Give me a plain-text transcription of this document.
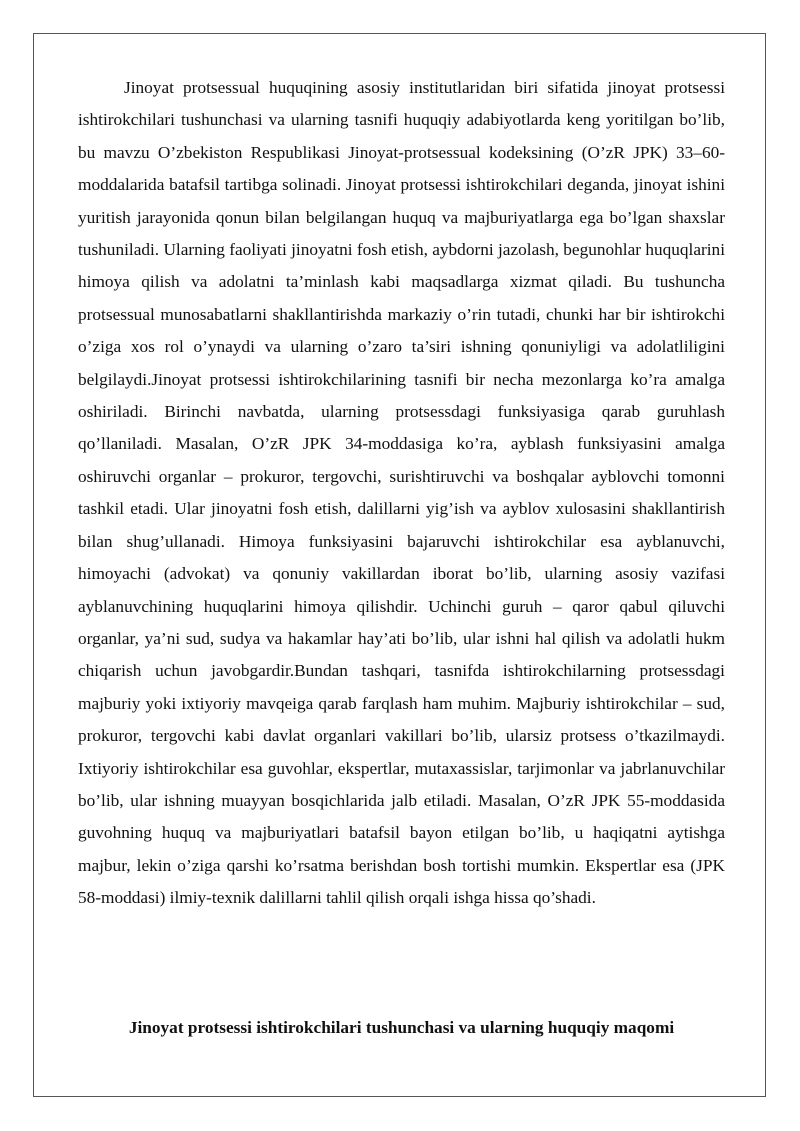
Jinoyat protsessual huquqining asosiy institutlaridan biri sifatida jinoyat protsessi ishtirokchilari tushunchasi va ularning tasnifi huquqiy adabiyotlarda keng yoritilgan bo’lib, bu mavzu O’zbekiston Respublikasi Jinoyat-protsessual kodeksining (O’zR JPK) 33–60-moddalarida batafsil tartibga solinadi. Jinoyat protsessi ishtirokchilari deganda, jinoyat ishini yuritish jarayonida qonun bilan belgilangan huquq va majburiyatlarga ega bo’lgan shaxslar tushuniladi. Ularning faoliyati jinoyatni fosh etish, aybdorni jazolash, begunohlar huquqlarini himoya qilish va adolatni ta’minlash kabi maqsadlarga xizmat qiladi. Bu tushuncha protsessual munosabatlarni shakllantirishda markaziy o’rin tutadi, chunki har bir ishtirokchi o’ziga xos rol o’ynaydi va ularning o’zaro ta’siri ishning qonuniyligi va adolatliligini belgilaydi.Jinoyat protsessi ishtirokchilarining tasnifi bir necha mezonlarga ko’ra amalga oshiriladi. Birinchi navbatda, ularning protsessdagi funksiyasiga qarab guruhlash qo’llaniladi. Masalan, O’zR JPK 34-moddasiga ko’ra, ayblash funksiyasini amalga oshiruvchi organlar – prokuror, tergovchi, surishtiruvchi va boshqalar ayblovchi tomonni tashkil etadi. Ular jinoyatni fosh etish, dalillarni yig’ish va ayblov xulosasini shakllantirish bilan shug’ullanadi. Himoya funksiyasini bajaruvchi ishtirokchilar esa ayblanuvchi, himoyachi (advokat) va qonuniy vakillardan iborat bo’lib, ularning asosiy vazifasi ayblanuvchining huquqlarini himoya qilishdir. Uchinchi guruh – qaror qabul qiluvchi organlar, ya’ni sud, sudya va hakamlar hay’ati bo’lib, ular ishni hal qilish va adolatli hukm chiqarish uchun javobgardir.Bundan tashqari, tasnifda ishtirokchilarning protsessdagi majburiy yoki ixtiyoriy mavqeiga qarab farqlash ham muhim. Majburiy ishtirokchilar – sud, prokuror, tergovchi kabi davlat organlari vakillari bo’lib, ularsiz protsess o’tkazilmaydi. Ixtiyoriy ishtirokchilar esa guvohlar, ekspertlar, mutaxassislar, tarjimonlar va jabrlanuvchilar bo’lib, ular ishning muayyan bosqichlarida jalb etiladi. Masalan, O’zR JPK 55-moddasida guvohning huquq va majburiyatlari batafsil bayon etilgan bo’lib, u haqiqatni aytishga majbur, lekin o’ziga qarshi ko’rsatma berishdan bosh tortishi mumkin. Ekspertlar esa (JPK 58-moddasi) ilmiy-texnik dalillarni tahlil qilish orqali ishga hissa qo’shadi.

Jinoyat protsessi ishtirokchilari tushunchasi va ularning huquqiy maqomi
